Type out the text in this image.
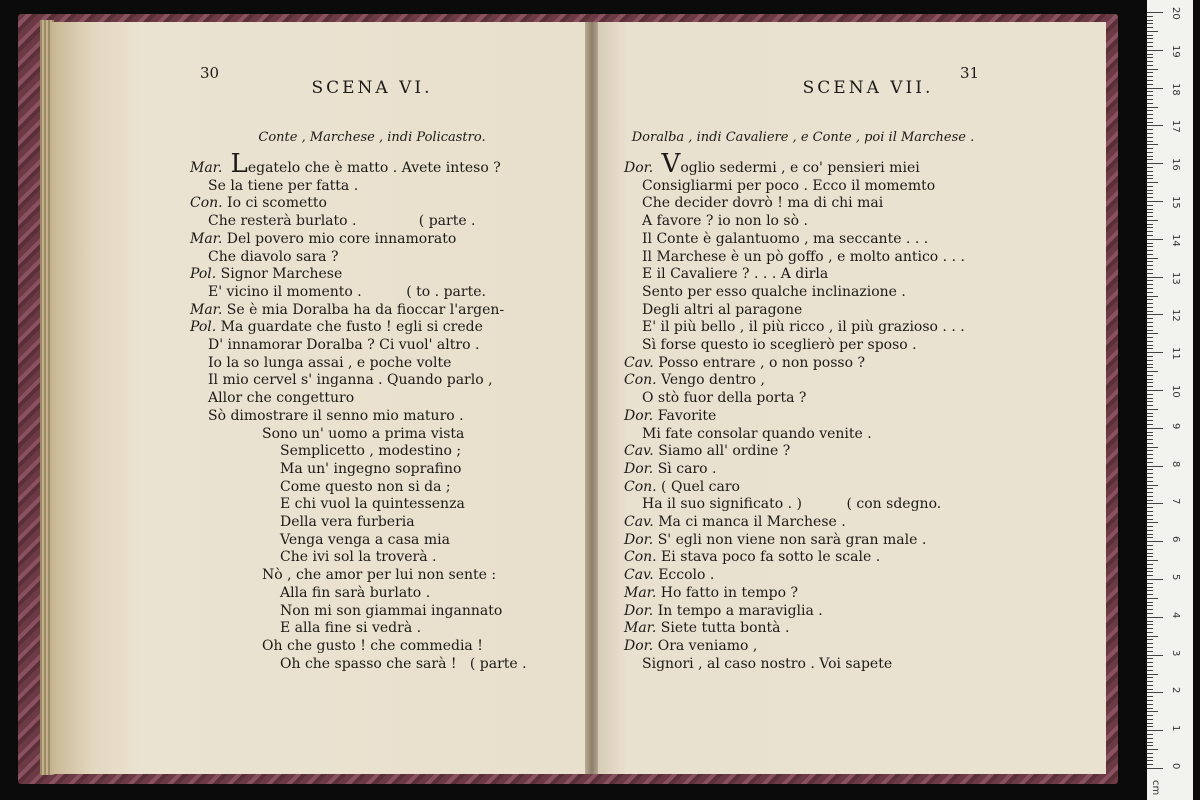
30
SCENA VI.
Conte , Marchese , indi Policastro.
Mar. Legatelo che è matto . Avete inteso ?
Se la tiene per fatta .
Con. Io ci scometto
Che resterà burlato .              ( parte .
Mar. Del povero mio core innamorato
Che diavolo sara ?
Pol. Signor Marchese
E' vicino il momento .          ( to . parte.
Mar. Se è mia Doralba ha da fioccar l'argen-
Pol. Ma guardate che fusto ! egli si crede
D' innamorar Doralba ? Ci vuol' altro .
Io la so lunga assai , e poche volte
Il mio cervel s' inganna . Quando parlo ,
Allor che congetturo
Sò dimostrare il senno mio maturo .
Sono un' uomo a prima vista
Semplicetto , modestino ;
Ma un' ingegno soprafino
Come questo non si da ;
E chi vuol la quintessenza
Della vera furberia
Venga venga a casa mia
Che ivi sol la troverà .
Nò , che amor per lui non sente :
Alla fin sarà burlato .
Non mi son giammai ingannato
E alla fine si vedrà .
Oh che gusto ! che commedia !
Oh che spasso che sarà !   ( parte .
31
SCENA VII.
Doralba , indi Cavaliere , e Conte , poi il Marchese .
Dor. Voglio sedermi , e co' pensieri miei
Consigliarmi per poco . Ecco il momemto
Che decider dovrò ! ma di chi mai
A favore ? io non lo sò .
Il Conte è galantuomo , ma seccante . . .
Il Marchese è un pò goffo , e molto antico . . .
E il Cavaliere ? . . . A dirla
Sento per esso qualche inclinazione .
Degli altri al paragone
E' il più bello , il più ricco , il più grazioso . . .
Sì forse questo io sceglierò per sposo .
Cav. Posso entrare , o non posso ?
Con. Vengo dentro ,
O stò fuor della porta ?
Dor. Favorite
Mi fate consolar quando venite .
Cav. Siamo all' ordine ?
Dor. Sì caro .
Con. ( Quel caro
Ha il suo significato . )          ( con sdegno.
Cav. Ma ci manca il Marchese .
Dor. S' egli non viene non sarà gran male .
Con. Ei stava poco fa sotto le scale .
Cav. Eccolo .
Mar. Ho fatto in tempo ?
Dor. In tempo a maraviglia .
Mar. Siete tutta bontà .
Dor. Ora veniamo ,
Signori , al caso nostro . Voi sapete
20
19
18
17
16
15
14
13
12
11
10
9
8
7
6
5
4
3
2
1
0
cm
